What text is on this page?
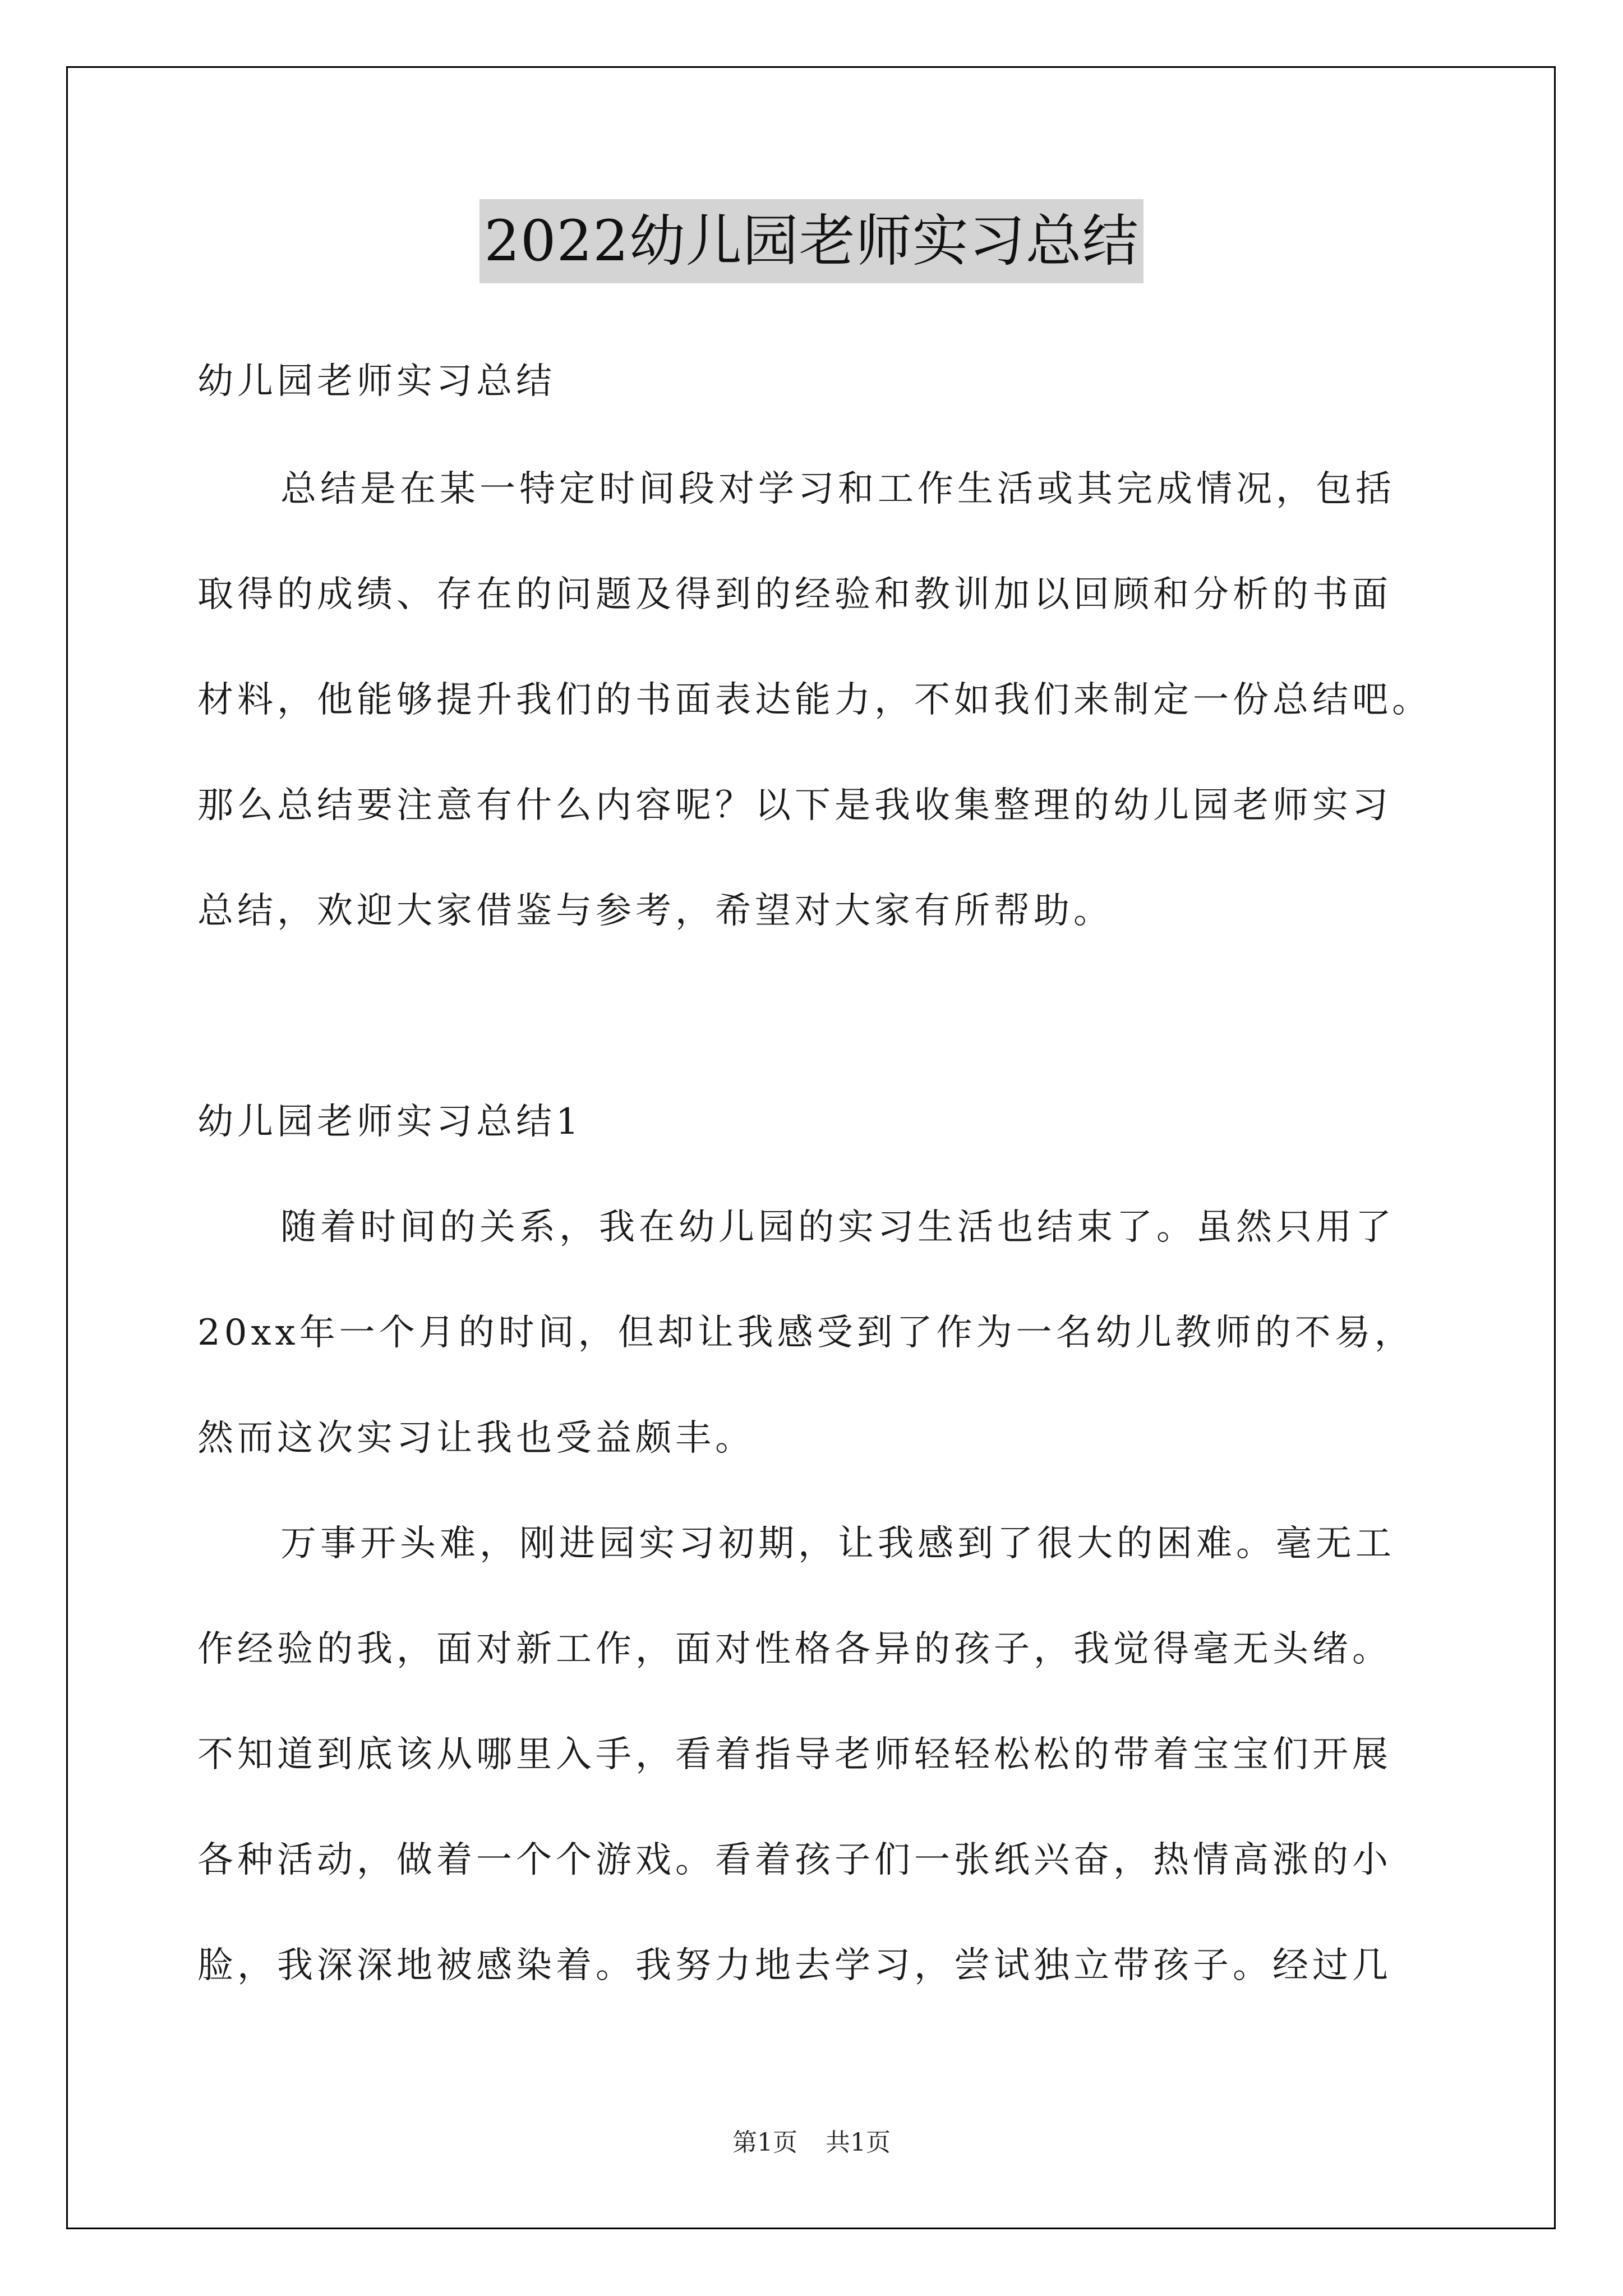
2022幼儿园老师实习总结
幼儿园老师实习总结
总结是在某一特定时间段对学习和工作生活或其完成情况，包括
取得的成绩、存在的问题及得到的经验和教训加以回顾和分析的书面
材料，他能够提升我们的书面表达能力，不如我们来制定一份总结吧。
那么总结要注意有什么内容呢？以下是我收集整理的幼儿园老师实习
总结，欢迎大家借鉴与参考，希望对大家有所帮助。
幼儿园老师实习总结1
随着时间的关系，我在幼儿园的实习生活也结束了。虽然只用了
20xx年一个月的时间，但却让我感受到了作为一名幼儿教师的不易，
然而这次实习让我也受益颇丰。
万事开头难，刚进园实习初期，让我感到了很大的困难。毫无工
作经验的我，面对新工作，面对性格各异的孩子，我觉得毫无头绪。
不知道到底该从哪里入手，看着指导老师轻轻松松的带着宝宝们开展
各种活动，做着一个个游戏。看着孩子们一张纸兴奋，热情高涨的小
脸，我深深地被感染着。我努力地去学习，尝试独立带孩子。经过几
第1页 共1页
